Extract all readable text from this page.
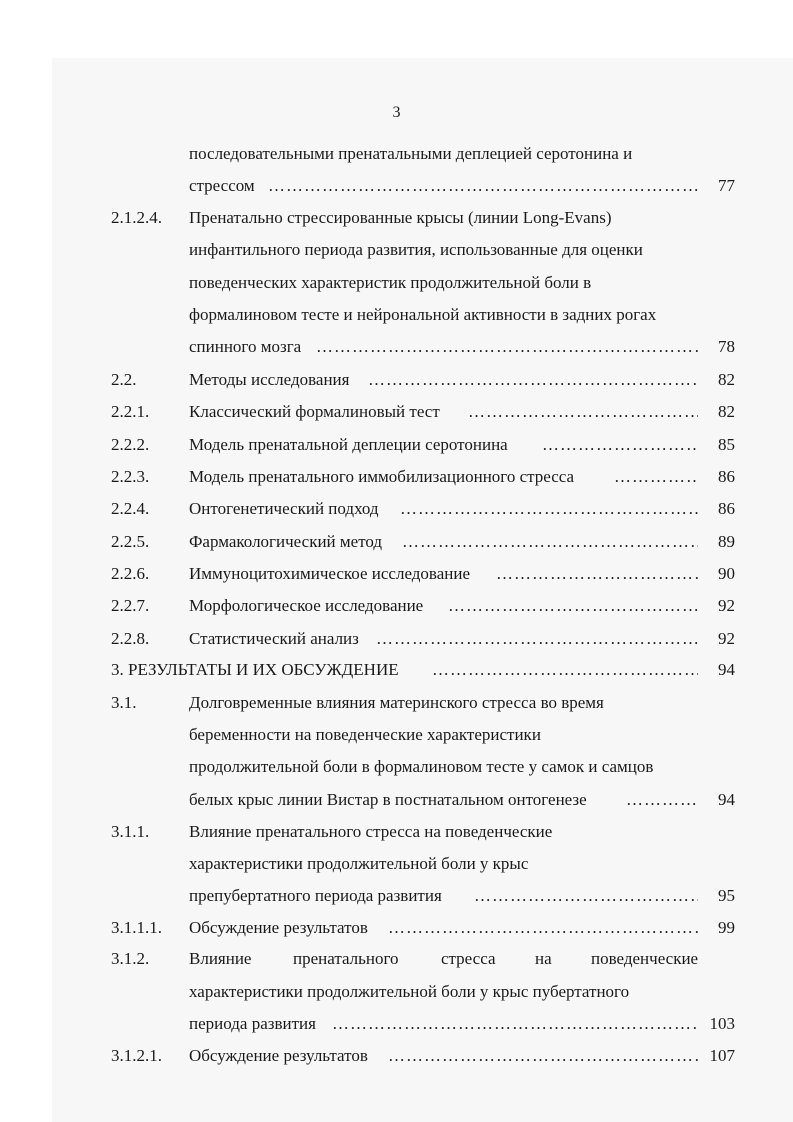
3
последовательными пренатальными деплецией серотонина и
стрессом ……………………………………………………………………………………………………………………………………………………………	77
2.1.2.4. Пренатально стрессированные крысы (линии Long-Evans)
инфантильного периода развития, использованные для оценки
поведенческих характеристик продолжительной боли в
формалиновом тесте и нейрональной активности в задних рогах
спинного мозга ……………………………………………………………………………………………………………………………………………………………	78
2.2.	Методы исследования ……………………………………………………………………………………………………………………………………………………………	82
2.2.1. Классический формалиновый тест ……………………………………………………………………………………………………………………………………………………………	82
2.2.2. Модель пренатальной деплеции серотонина ……………………………………………………………………………………………………………………………………………………………	85
2.2.3. Модель пренатального иммобилизационного стресса ……………………………………………………………………………………………………………………………………………………………	86
2.2.4. Онтогенетический подход ……………………………………………………………………………………………………………………………………………………………	86
2.2.5. Фармакологический метод ……………………………………………………………………………………………………………………………………………………………	89
2.2.6. Иммуноцитохимическое исследование ……………………………………………………………………………………………………………………………………………………………	90
2.2.7. Морфологическое исследование ……………………………………………………………………………………………………………………………………………………………	92
2.2.8. Статистический анализ ……………………………………………………………………………………………………………………………………………………………	92
3. РЕЗУЛЬТАТЫ И ИХ ОБСУЖДЕНИЕ ……………………………………………………………………………………………………………………………………………………………	94
3.1.	Долговременные влияния материнского стресса во время
беременности на поведенческие характеристики
продолжительной боли в формалиновом тесте у самок и самцов
белых крыс линии Вистар в постнатальном онтогенезе ……………………………………………………………………………………………………………………………………………………………	94
3.1.1. Влияние пренатального стресса на поведенческие
характеристики продолжительной боли у крыс
препубертатного периода развития ……………………………………………………………………………………………………………………………………………………………	95
3.1.1.1. Обсуждение результатов ……………………………………………………………………………………………………………………………………………………………	99
3.1.2. Влияние пренатального стресса на поведенческие
характеристики продолжительной боли у крыс пубертатного
периода развития ……………………………………………………………………………………………………………………………………………………………	103
3.1.2.1. Обсуждение результатов ……………………………………………………………………………………………………………………………………………………………	107
